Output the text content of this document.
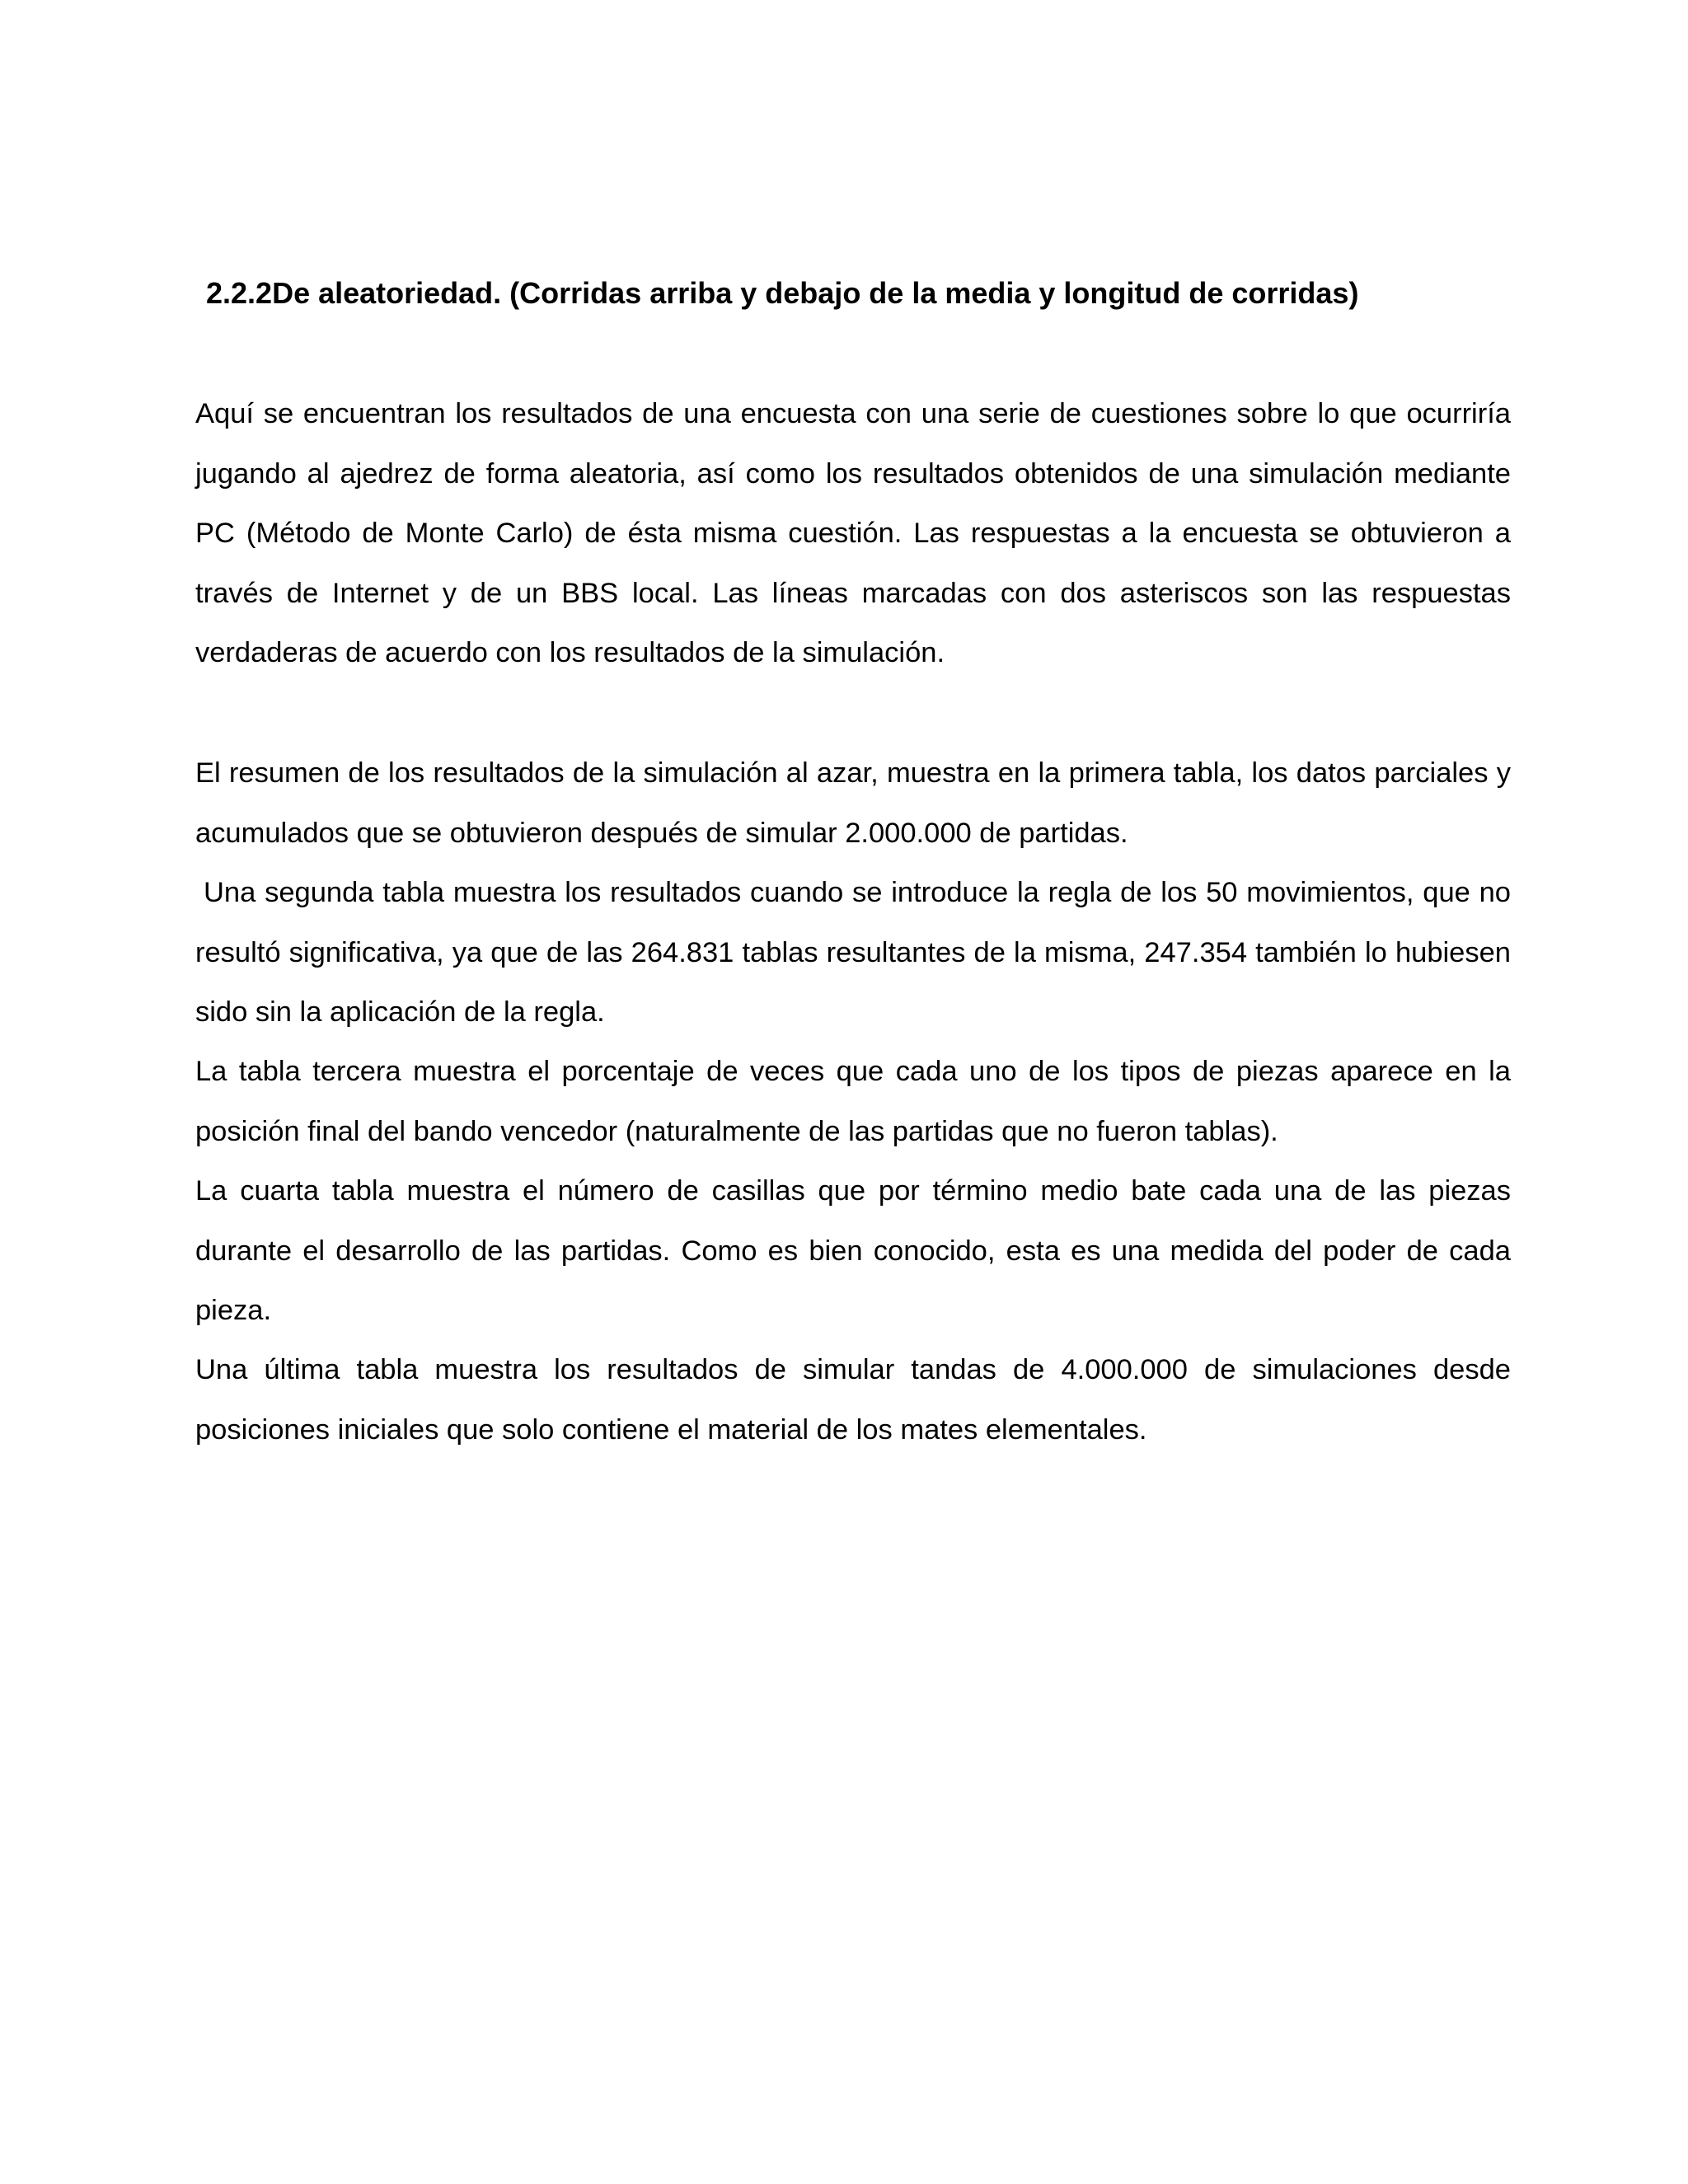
2.2.2De aleatoriedad. (Corridas arriba y debajo de la media y longitud de corridas)

Aquí se encuentran los resultados de una encuesta con una serie de cuestiones sobre lo que ocurriría jugando al ajedrez de forma aleatoria, así como los resultados obtenidos de una simulación mediante PC (Método de Monte Carlo) de ésta misma cuestión. Las respuestas a la encuesta se obtuvieron a través de Internet y de un BBS local. Las líneas marcadas con dos asteriscos son las respuestas verdaderas de acuerdo con los resultados de la simulación.

El resumen de los resultados de la simulación al azar, muestra en la primera tabla, los datos parciales y acumulados que se obtuvieron después de simular 2.000.000 de partidas.

Una segunda tabla muestra los resultados cuando se introduce la regla de los 50 movimientos, que no resultó significativa, ya que de las 264.831 tablas resultantes de la misma, 247.354 también lo hubiesen sido sin la aplicación de la regla.

La tabla tercera muestra el porcentaje de veces que cada uno de los tipos de piezas aparece en la posición final del bando vencedor (naturalmente de las partidas que no fueron tablas).

La cuarta tabla muestra el número de casillas que por término medio bate cada una de las piezas durante el desarrollo de las partidas. Como es bien conocido, esta es una medida del poder de cada pieza.

Una última tabla muestra los resultados de simular tandas de 4.000.000 de simulaciones desde posiciones iniciales que solo contiene el material de los mates elementales.
